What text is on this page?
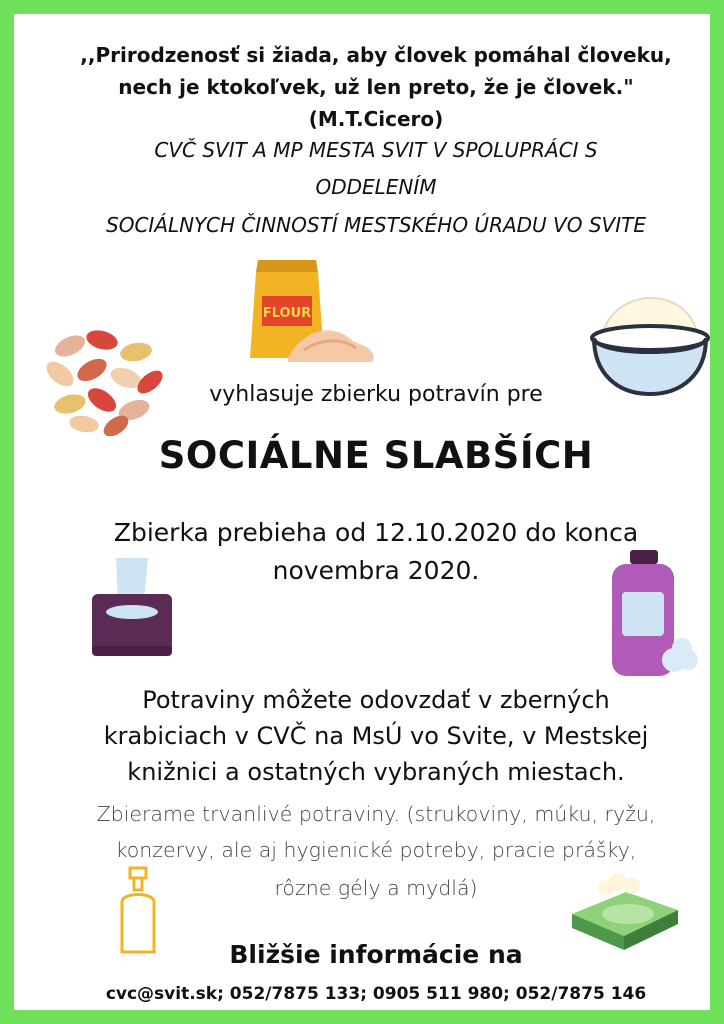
,,Prirodzenosť si žiada, aby človek pomáhal človeku,
nech je ktokoľvek, už len preto, že je človek."
(M.T.Cicero)
CVČ SVIT A MP MESTA SVIT V SPOLUPRÁCI S
ODDELENÍM
SOCIÁLNYCH ČINNOSTÍ MESTSKÉHO ÚRADU VO SVITE
FLOUR
vyhlasuje zbierku potravín pre
SOCIÁLNE SLABŠÍCH
Zbierka prebieha od 12.10.2020 do konca
novembra 2020.
Potraviny môžete odovzdať v zberných
krabiciach v CVČ na MsÚ vo Svite, v Mestskej
knižnici a ostatných vybraných miestach.
Zbierame trvanlivé potraviny. (strukoviny, múku, ryžu,
konzervy, ale aj hygienické potreby, pracie prášky,
rôzne gély a mydlá)
Bližšie informácie na
cvc@svit.sk; 052/7875 133; 0905 511 980; 052/7875 146
